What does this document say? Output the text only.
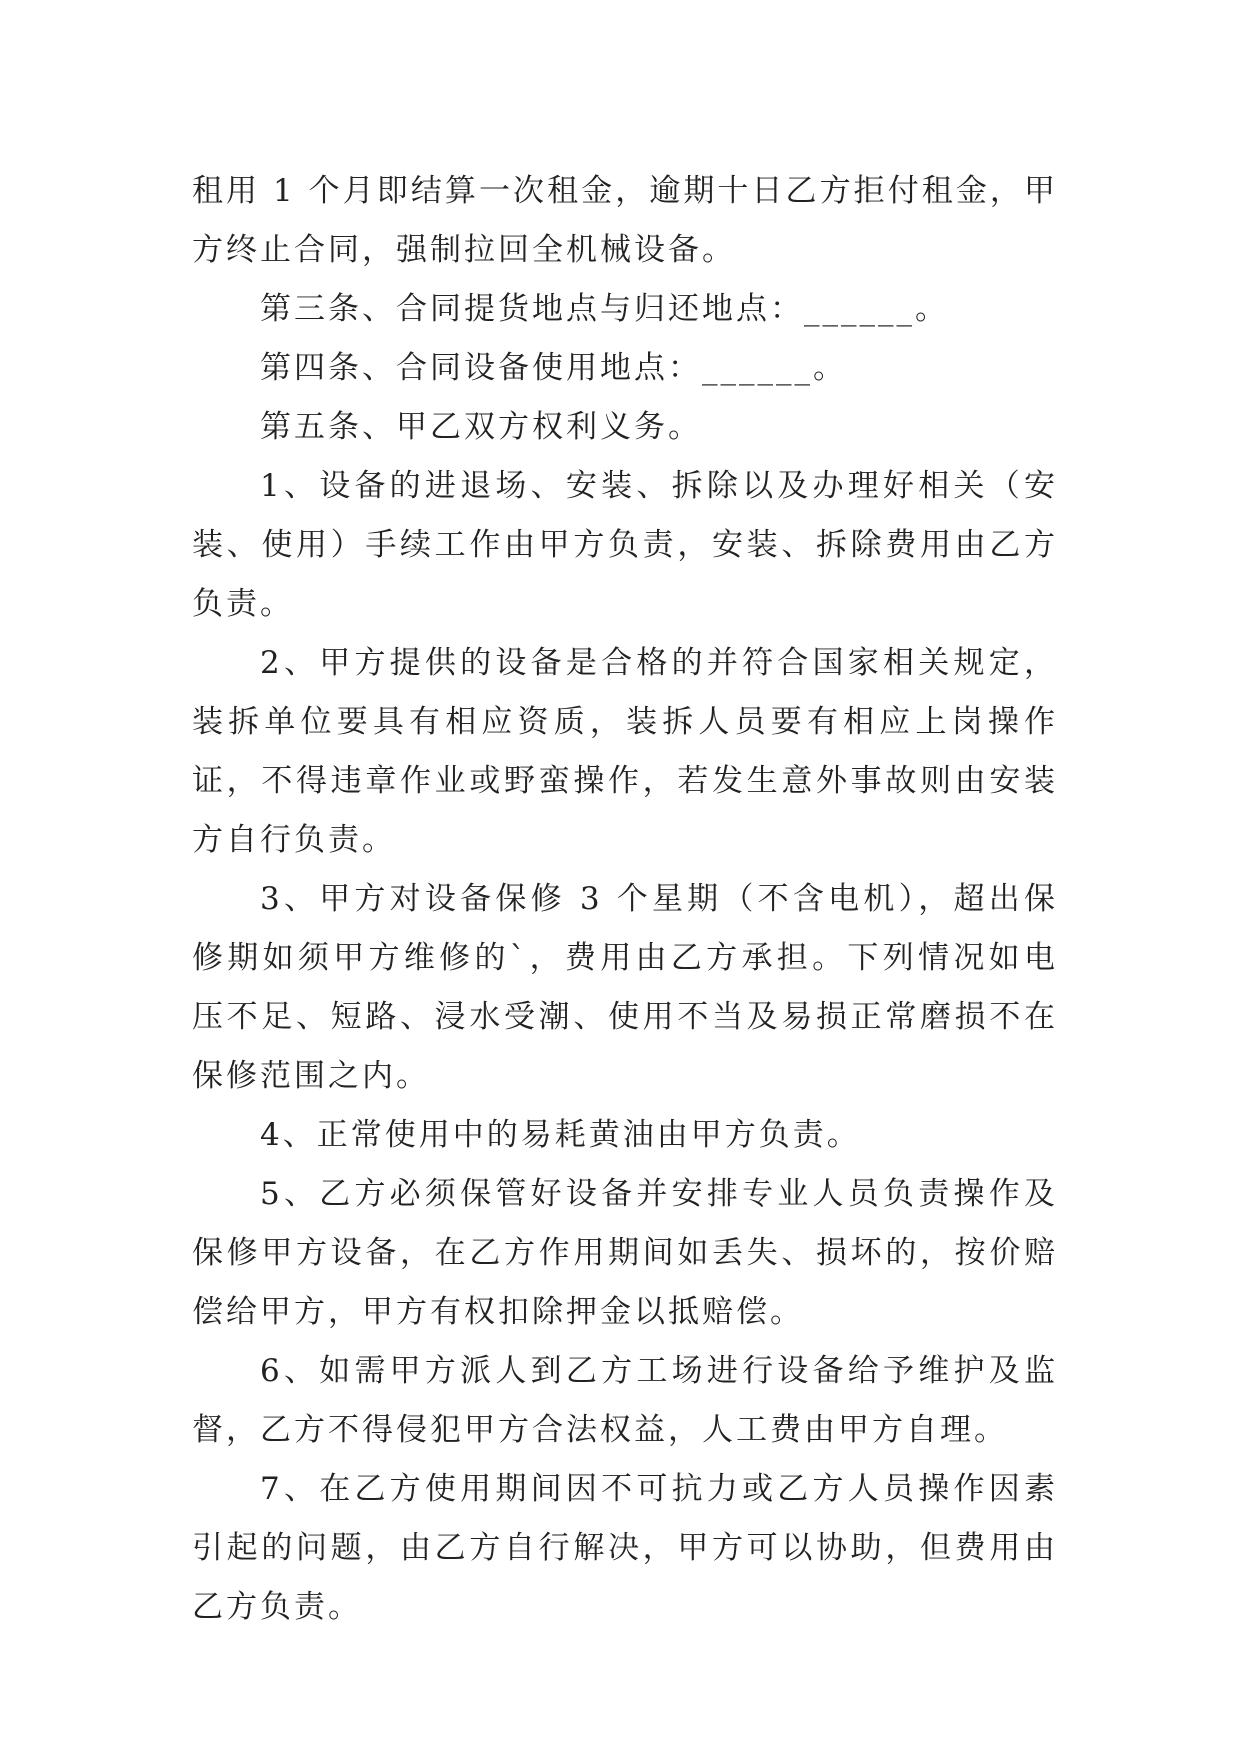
租用 1 个月即结算一次租金，逾期十日乙方拒付租金，甲方终止合同，强制拉回全机械设备。

第三条、合同提货地点与归还地点：______。

第四条、合同设备使用地点：______。

第五条、甲乙双方权利义务。

1、设备的进退场、安装、拆除以及办理好相关（安装、使用）手续工作由甲方负责，安装、拆除费用由乙方负责。

2、甲方提供的设备是合格的并符合国家相关规定，装拆单位要具有相应资质，装拆人员要有相应上岗操作证，不得违章作业或野蛮操作，若发生意外事故则由安装方自行负责。

3、甲方对设备保修 3 个星期（不含电机），超出保修期如须甲方维修的`，费用由乙方承担。下列情况如电压不足、短路、浸水受潮、使用不当及易损正常磨损不在保修范围之内。

4、正常使用中的易耗黄油由甲方负责。

5、乙方必须保管好设备并安排专业人员负责操作及保修甲方设备，在乙方作用期间如丢失、损坏的，按价赔偿给甲方，甲方有权扣除押金以抵赔偿。

6、如需甲方派人到乙方工场进行设备给予维护及监督，乙方不得侵犯甲方合法权益，人工费由甲方自理。

7、在乙方使用期间因不可抗力或乙方人员操作因素引起的问题，由乙方自行解决，甲方可以协助，但费用由乙方负责。
